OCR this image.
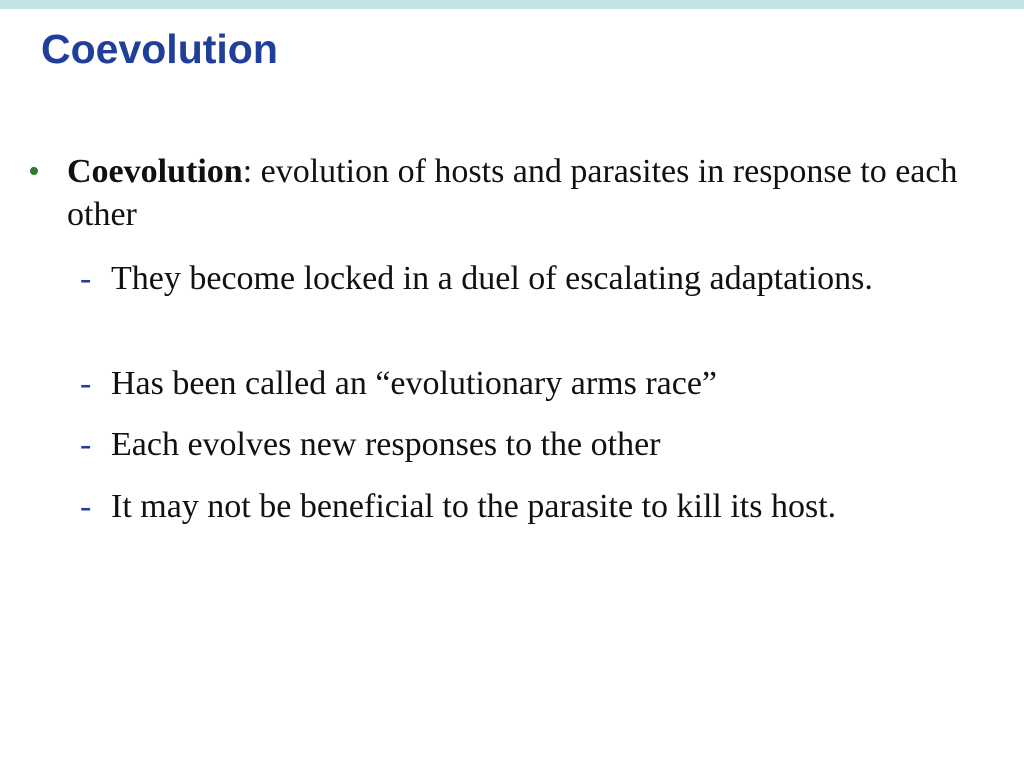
Coevolution
• Coevolution: evolution of hosts and parasites in response to each other
- They become locked in a duel of escalating adaptations.
- Has been called an “evolutionary arms race”
- Each evolves new responses to the other
- It may not be beneficial to the parasite to kill its host.
